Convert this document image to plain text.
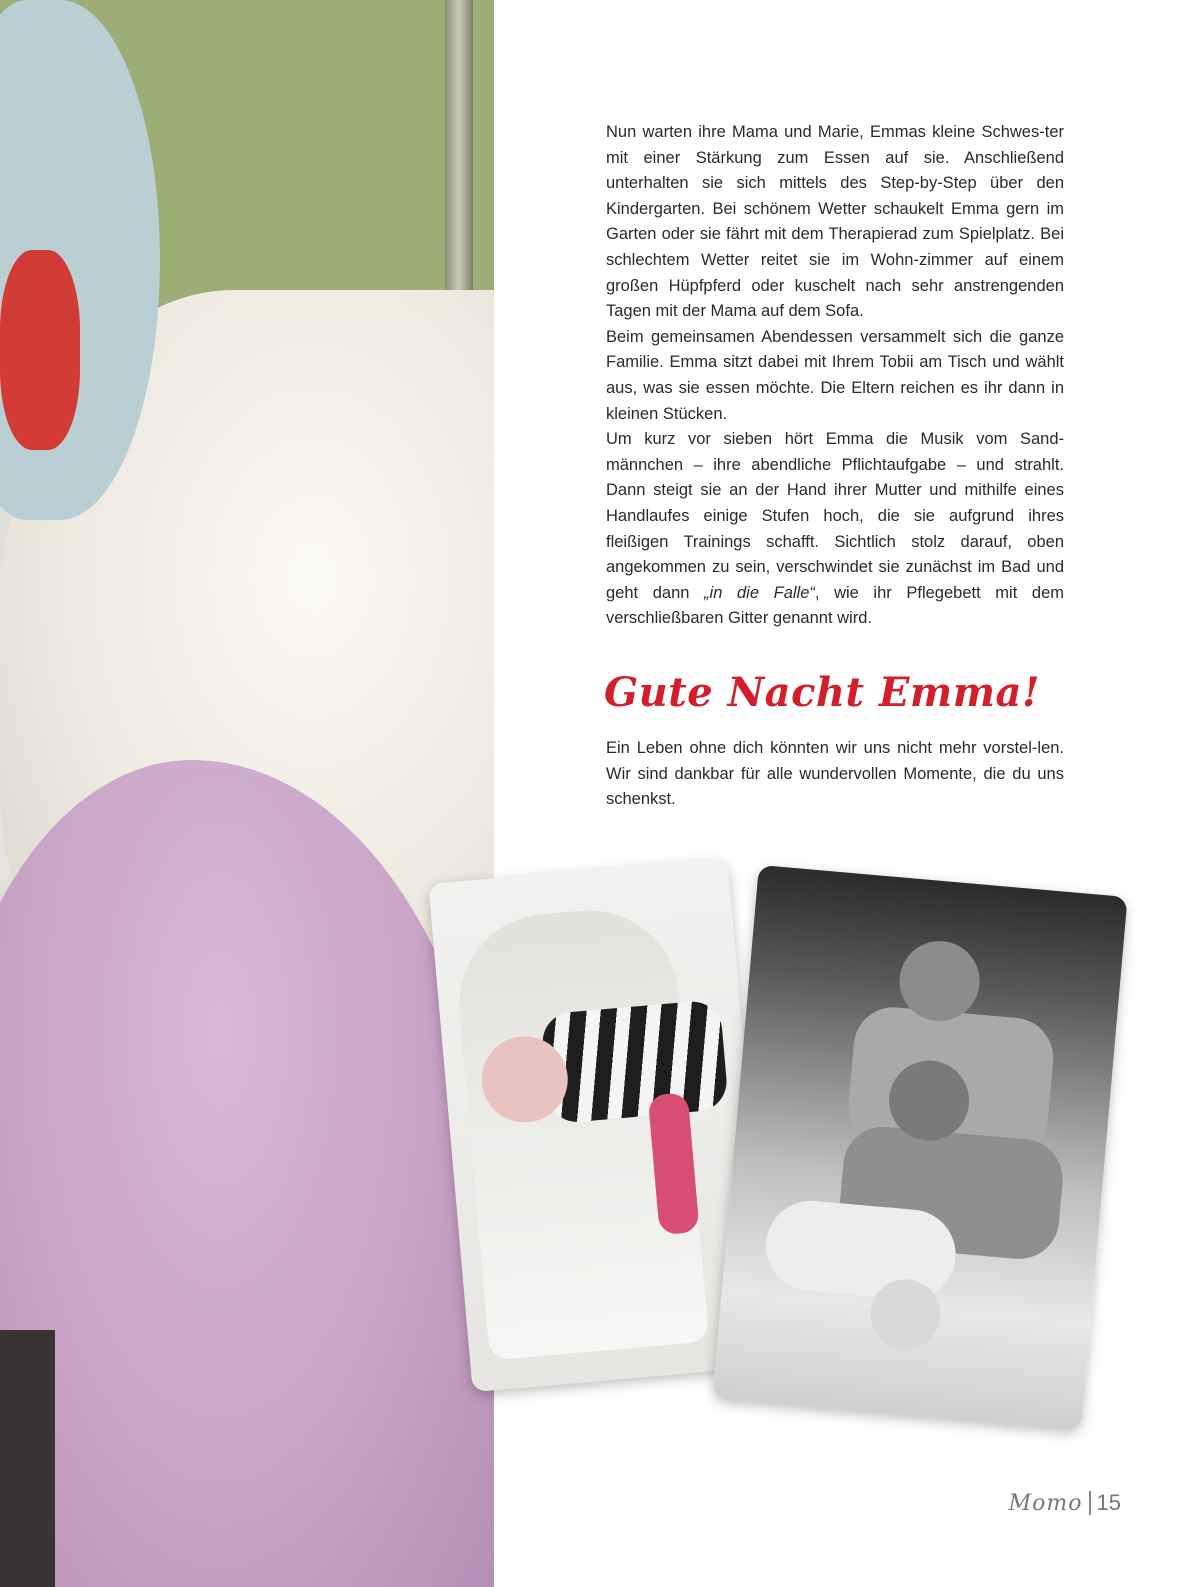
Nun warten ihre Mama und Marie, Emmas kleine Schwes-ter mit einer Stärkung zum Essen auf sie. Anschließend unterhalten sie sich mittels des Step-by-Step über den Kindergarten. Bei schönem Wetter schaukelt Emma gern im Garten oder sie fährt mit dem Therapierad zum Spielplatz. Bei schlechtem Wetter reitet sie im Wohn-zimmer auf einem großen Hüpfpferd oder kuschelt nach sehr anstrengenden Tagen mit der Mama auf dem Sofa.

Beim gemeinsamen Abendessen versammelt sich die ganze Familie. Emma sitzt dabei mit Ihrem Tobii am Tisch und wählt aus, was sie essen möchte. Die Eltern reichen es ihr dann in kleinen Stücken.

Um kurz vor sieben hört Emma die Musik vom Sand-männchen – ihre abendliche Pflichtaufgabe – und strahlt. Dann steigt sie an der Hand ihrer Mutter und mithilfe eines Handlaufes einige Stufen hoch, die sie aufgrund ihres fleißigen Trainings schafft. Sichtlich stolz darauf, oben angekommen zu sein, verschwindet sie zunächst im Bad und geht dann „in die Falle“, wie ihr Pflegebett mit dem verschließbaren Gitter genannt wird.

Gute Nacht Emma!
Ein Leben ohne dich könnten wir uns nicht mehr vorstel-len. Wir sind dankbar für alle wundervollen Momente, die du uns schenkst.
Momo 15
